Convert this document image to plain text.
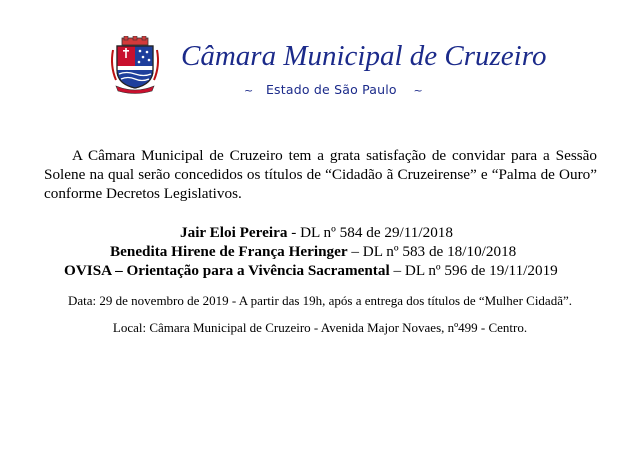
Câmara Municipal de Cruzeiro
~ Estado de São Paulo ~

A Câmara Municipal de Cruzeiro tem a grata satisfação de convidar para a Sessão Solene na qual serão concedidos os títulos de “Cidadão ã Cruzeirense” e “Palma de Ouro” conforme Decretos Legislativos.

Jair Eloi Pereira - DL nº 584 de 29/11/2018
Benedita Hirene de França Heringer – DL nº 583 de 18/10/2018
OVISA – Orientação para a Vivência Sacramental – DL nº 596 de 19/11/2019
Data: 29 de novembro de 2019 - A partir das 19h, após a entrega dos títulos de “Mulher Cidadã”.
Local: Câmara Municipal de Cruzeiro - Avenida Major Novaes, nº499 - Centro.
